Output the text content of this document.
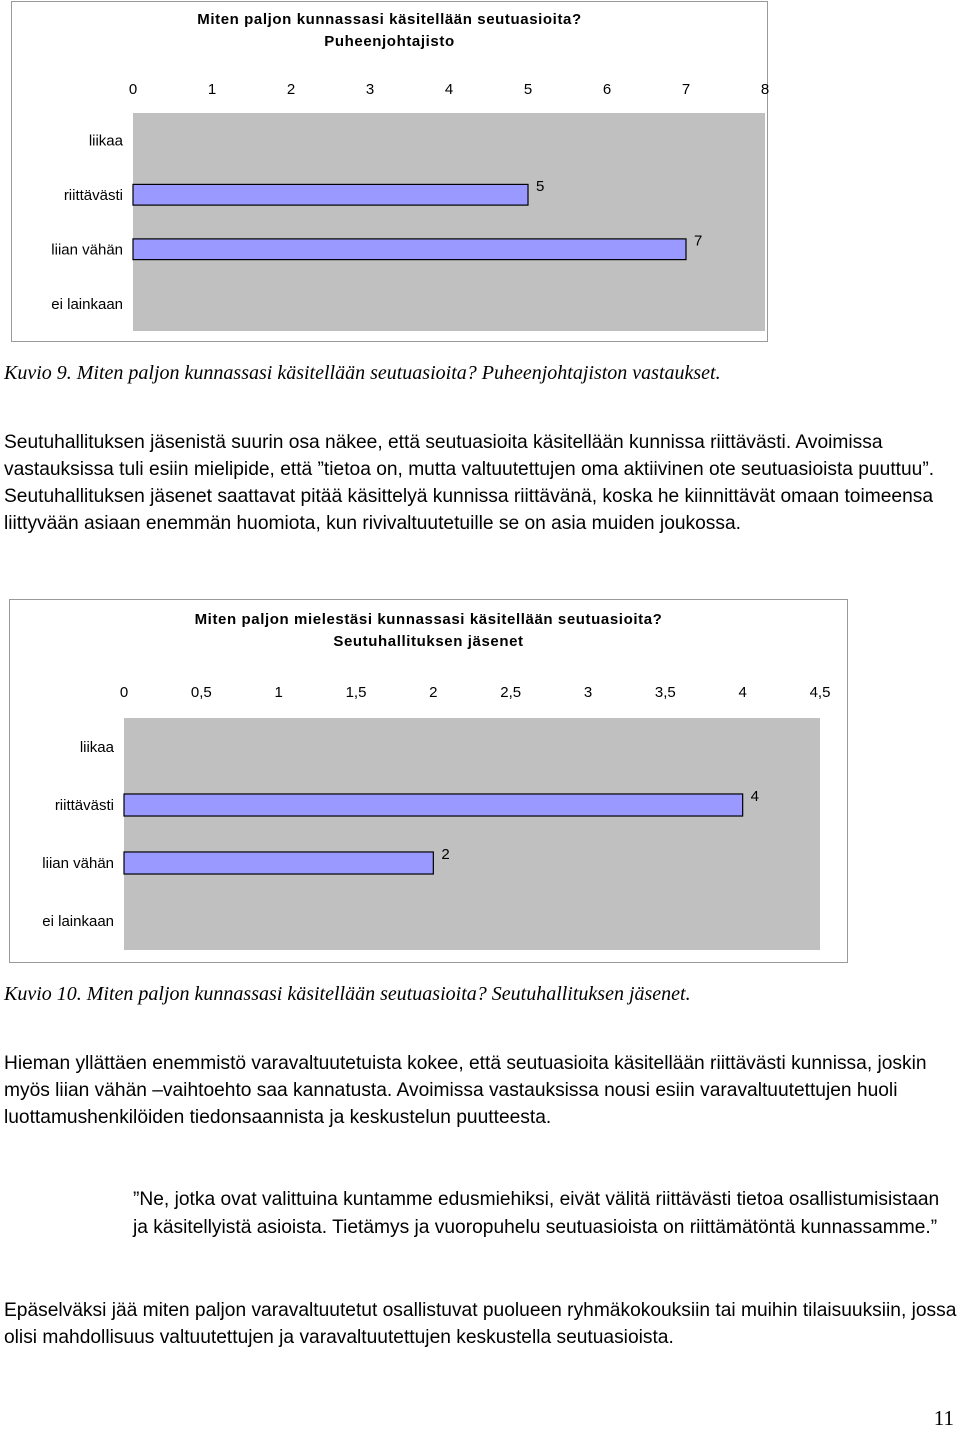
Miten paljon kunnassasi käsitellään seutuasioita?
Puheenjohtajisto
0	1	2	3	4	5	6	7	8
liikaa
riittävästi
5
liian vähän
7
ei lainkaan
Kuvio 9. Miten paljon kunnassasi käsitellään seutuasioita? Puheenjohtajiston vastaukset.
Seutuhallituksen jäsenistä suurin osa näkee, että seutuasioita käsitellään kunnissa riittävästi. Avoimissa vastauksissa tuli esiin mielipide, että ”tietoa on, mutta valtuutettujen oma aktiivinen ote seutuasioista puuttuu”. Seutuhallituksen jäsenet saattavat pitää käsittelyä kunnissa riittävänä, koska he kiinnittävät omaan toimeensa liittyvään asiaan enemmän huomiota, kun rivivaltuutetuille se on asia muiden joukossa.
Miten paljon mielestäsi kunnassasi käsitellään seutuasioita?
Seutuhallituksen jäsenet
0	0,5	1	1,5	2	2,5	3	3,5	4	4,5
liikaa
riittävästi
4
liian vähän
2
ei lainkaan
Kuvio 10. Miten paljon kunnassasi käsitellään seutuasioita? Seutuhallituksen jäsenet.
Hieman yllättäen enemmistö varavaltuutetuista kokee, että seutuasioita käsitellään riittävästi kunnissa, joskin myös liian vähän –vaihtoehto saa kannatusta. Avoimissa vastauksissa nousi esiin varavaltuutettujen huoli luottamushenkilöiden tiedonsaannista ja keskustelun puutteesta.
”Ne, jotka ovat valittuina kuntamme edusmiehiksi, eivät välitä riittävästi tietoa osallistumisistaan ja käsitellyistä asioista. Tietämys ja vuoropuhelu seutuasioista on riittämätöntä kunnassamme.”
Epäselväksi jää miten paljon varavaltuutetut osallistuvat puolueen ryhmäkokouksiin tai muihin tilaisuuksiin, jossa olisi mahdollisuus valtuutettujen ja varavaltuutettujen keskustella seutuasioista.
11
